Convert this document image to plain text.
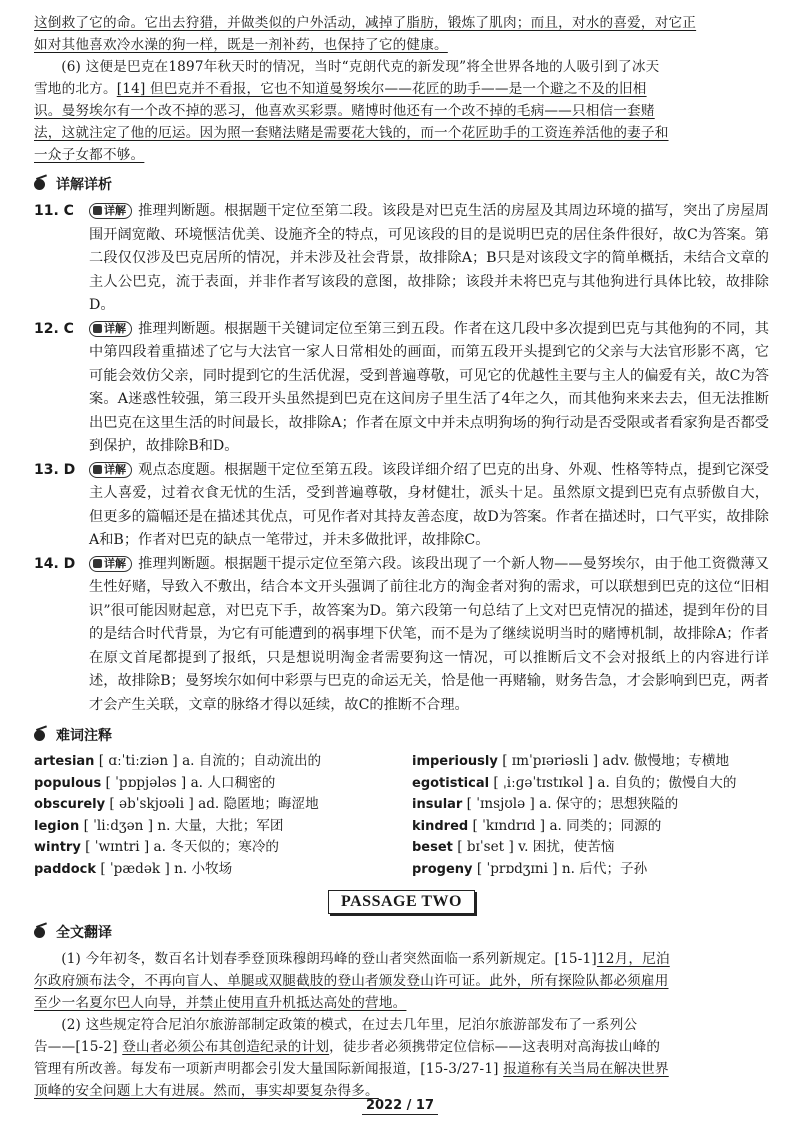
这倒救了它的命。它出去狩猎，并做类似的户外活动，减掉了脂肪，锻炼了肌肉；而且，对水的喜爱，对它正

如对其他喜欢冷水澡的狗一样，既是一剂补药，也保持了它的健康。

(6) 这便是巴克在1897年秋天时的情况，当时“克朗代克的新发现”将全世界各地的人吸引到了冰天

雪地的北方。[14] 但巴克并不看报，它也不知道曼努埃尔——花匠的助手——是一个避之不及的旧相

识。曼努埃尔有一个改不掉的恶习，他喜欢买彩票。赌博时他还有一个改不掉的毛病——只相信一套赌

法，这就注定了他的厄运。因为照一套赌法赌是需要花大钱的，而一个花匠助手的工资连养活他的妻子和

一众子女都不够。

详解详析
11. C	详解 推理判断题。根据题干定位至第二段。该段是对巴克生活的房屋及其周边环境的描写，突出了房屋周围开阔宽敞、环境惬洁优美、设施齐全的特点，可见该段的目的是说明巴克的居住条件很好，故C为答案。第二段仅仅涉及巴克居所的情况，并未涉及社会背景，故排除A；B只是对该段文字的简单概括，未结合文章的主人公巴克，流于表面，并非作者写该段的意图，故排除；该段并未将巴克与其他狗进行具体比较，故排除D。
12. C	详解 推理判断题。根据题干关键词定位至第三到五段。作者在这几段中多次提到巴克与其他狗的不同，其中第四段着重描述了它与大法官一家人日常相处的画面，而第五段开头提到它的父亲与大法官形影不离，它可能会效仿父亲，同时提到它的生活优渥，受到普遍尊敬，可见它的优越性主要与主人的偏爱有关，故C为答案。A迷惑性较强，第三段开头虽然提到巴克在这间房子里生活了4年之久，而其他狗来来去去，但无法推断出巴克在这里生活的时间最长，故排除A；作者在原文中并未点明狗场的狗行动是否受限或者看家狗是否都受到保护，故排除B和D。
13. D	详解 观点态度题。根据题干定位至第五段。该段详细介绍了巴克的出身、外观、性格等特点，提到它深受主人喜爱，过着衣食无忧的生活，受到普遍尊敬，身材健壮，派头十足。虽然原文提到巴克有点骄傲自大，但更多的篇幅还是在描述其优点，可见作者对其持友善态度，故D为答案。作者在描述时，口气平实，故排除A和B；作者对巴克的缺点一笔带过，并未多做批评，故排除C。
14. D	详解 推理判断题。根据题干提示定位至第六段。该段出现了一个新人物——曼努埃尔，由于他工资微薄又生性好赌，导致入不敷出，结合本文开头强调了前往北方的淘金者对狗的需求，可以联想到巴克的这位“旧相识”很可能因财起意，对巴克下手，故答案为D。第六段第一句总结了上文对巴克情况的描述，提到年份的目的是结合时代背景，为它有可能遭到的祸事埋下伏笔，而不是为了继续说明当时的赌博机制，故排除A；作者在原文首尾都提到了报纸，只是想说明淘金者需要狗这一情况，可以推断后文不会对报纸上的内容进行详述，故排除B；曼努埃尔如何中彩票与巴克的命运无关，恰是他一再赌输，财务告急，才会影响到巴克，两者才会产生关联，文章的脉络才得以延续，故C的推断不合理。
难词注释
artesian [ ɑːˈtiːziən ] a. 自流的；自动流出的	imperiously [ ɪmˈpɪəriəsli ] adv. 傲慢地；专横地
populous [ ˈpɒpjələs ] a. 人口稠密的	egotistical [ ˌiːɡəˈtɪstɪkəl ] a. 自负的；傲慢自大的
obscurely [ əbˈskjʊəli ] ad. 隐匿地；晦涩地	insular [ ˈɪnsjʊlə ] a. 保守的；思想狭隘的
legion [ ˈliːdʒən ] n. 大量，大批；军团	kindred [ ˈkɪndrɪd ] a. 同类的；同源的
wintry [ ˈwɪntri ] a. 冬天似的；寒冷的	beset [ bɪˈset ] v. 困扰，使苦恼
paddock [ ˈpædək ] n. 小牧场	progeny [ ˈprɒdʒɪni ] n. 后代；子孙
PASSAGE TWO
全文翻译

(1) 今年初冬，数百名计划春季登顶珠穆朗玛峰的登山者突然面临一系列新规定。[15-1]12月，尼泊

尔政府颁布法令，不再向盲人、单腿或双腿截肢的登山者颁发登山许可证。此外，所有探险队都必须雇用

至少一名夏尔巴人向导，并禁止使用直升机抵达高处的营地。

(2) 这些规定符合尼泊尔旅游部制定政策的模式，在过去几年里，尼泊尔旅游部发布了一系列公

告——[15-2] 登山者必须公布其创造纪录的计划，徒步者必须携带定位信标——这表明对高海拔山峰的

管理有所改善。每发布一项新声明都会引发大量国际新闻报道，[15-3/27-1] 报道称有关当局在解决世界

顶峰的安全问题上大有进展。然而，事实却要复杂得多。

2022 / 17
